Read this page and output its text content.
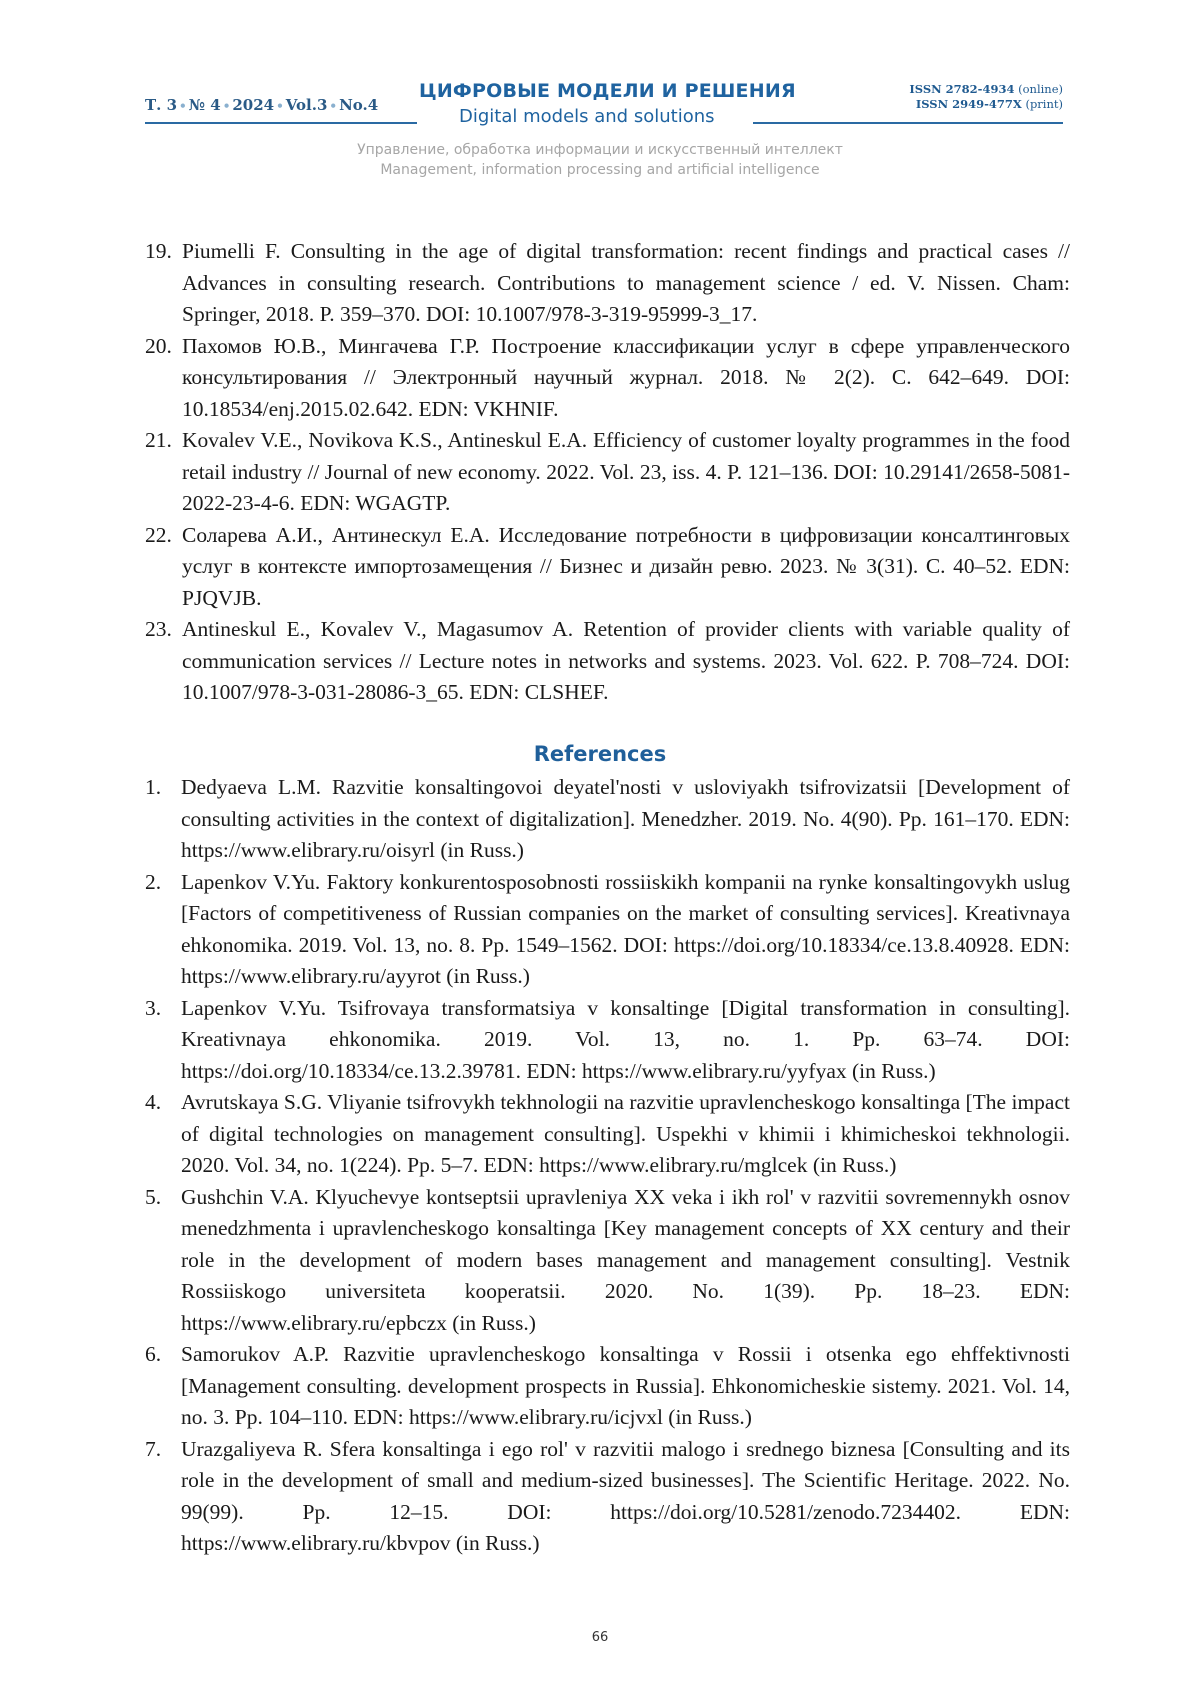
Т. 3 • № 4 • 2024 • Vol.3 • No.4
ЦИФРОВЫЕ МОДЕЛИ И РЕШЕНИЯ
Digital models and solutions
ISSN 2782-4934 (online)
ISSN 2949-477X (print)
Управление, обработка информации и искусственный интеллект
Management, information processing and artificial intelligence
19. Piumelli F. Consulting in the age of digital transformation: recent findings and practical cases // Advances in consulting research. Contributions to management science / ed. V. Nissen. Cham: Springer, 2018. P. 359–370. DOI: 10.1007/978-3-319-95999-3_17.
20. Пахомов Ю.В., Мингачева Г.Р. Построение классификации услуг в сфере управленческого консультирования // Электронный научный журнал. 2018. № 2(2). С. 642–649. DOI: 10.18534/enj.2015.02.642. EDN: VKHNIF.
21. Kovalev V.E., Novikova K.S., Antineskul E.A. Efficiency of customer loyalty programmes in the food retail industry // Journal of new economy. 2022. Vol. 23, iss. 4. P. 121–136. DOI: 10.29141/2658-5081-2022-23-4-6. EDN: WGAGTP.
22. Соларева А.И., Антинескул Е.А. Исследование потребности в цифровизации консалтинговых услуг в контексте импортозамещения // Бизнес и дизайн ревю. 2023. № 3(31). С. 40–52. EDN: PJQVJB.
23. Antineskul E., Kovalev V., Magasumov A. Retention of provider clients with variable quality of communication services // Lecture notes in networks and systems. 2023. Vol. 622. P. 708–724. DOI: 10.1007/978-3-031-28086-3_65. EDN: CLSHEF.
References
1. Dedyaeva L.M. Razvitie konsaltingovoi deyatel'nosti v usloviyakh tsifrovizatsii [Development of consulting activities in the context of digitalization]. Menedzher. 2019. No. 4(90). Pp. 161–170. EDN: https://www.elibrary.ru/oisyrl (in Russ.)
2. Lapenkov V.Yu. Faktory konkurentosposobnosti rossiiskikh kompanii na rynke konsaltingovykh uslug [Factors of competitiveness of Russian companies on the market of consulting services]. Kreativnaya ehkonomika. 2019. Vol. 13, no. 8. Pp. 1549–1562. DOI: https://doi.org/10.18334/ce.13.8.40928. EDN: https://www.elibrary.ru/ayyrot (in Russ.)
3. Lapenkov V.Yu. Tsifrovaya transformatsiya v konsaltinge [Digital transformation in consulting]. Kreativnaya ehkonomika. 2019. Vol. 13, no. 1. Pp. 63–74. DOI: https://doi.org/10.18334/ce.13.2.39781. EDN: https://www.elibrary.ru/yyfyax (in Russ.)
4. Avrutskaya S.G. Vliyanie tsifrovykh tekhnologii na razvitie upravlencheskogo konsaltinga [The impact of digital technologies on management consulting]. Uspekhi v khimii i khimicheskoi tekhnologii. 2020. Vol. 34, no. 1(224). Pp. 5–7. EDN: https://www.elibrary.ru/mglcek (in Russ.)
5. Gushchin V.A. Klyuchevye kontseptsii upravleniya XX veka i ikh rol' v razvitii sovremennykh osnov menedzhmenta i upravlencheskogo konsaltinga [Key management concepts of XX century and their role in the development of modern bases management and management consulting]. Vestnik Rossiiskogo universiteta kooperatsii. 2020. No. 1(39). Pp. 18–23. EDN: https://www.elibrary.ru/epbczx (in Russ.)
6. Samorukov A.P. Razvitie upravlencheskogo konsaltinga v Rossii i otsenka ego ehffektivnosti [Management consulting. development prospects in Russia]. Ehkonomicheskie sistemy. 2021. Vol. 14, no. 3. Pp. 104–110. EDN: https://www.elibrary.ru/icjvxl (in Russ.)
7. Urazgaliyeva R. Sfera konsaltinga i ego rol' v razvitii malogo i srednego biznesa [Consulting and its role in the development of small and medium-sized businesses]. The Scientific Heritage. 2022. No. 99(99). Pp. 12–15. DOI: https://doi.org/10.5281/zenodo.7234402. EDN: https://www.elibrary.ru/kbvpov (in Russ.)
66
